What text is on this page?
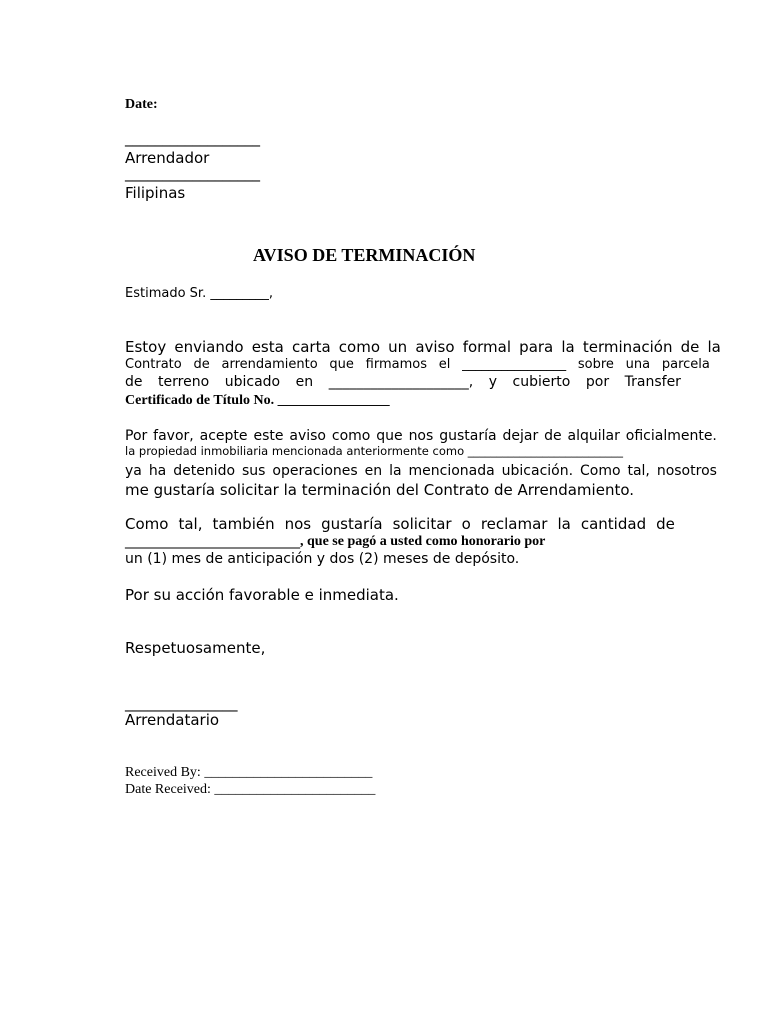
Date:
__________________
Arrendador
__________________
Filipinas
AVISO DE TERMINACIÓN
Estimado Sr. _________,
Estoy enviando esta carta como un aviso formal para la terminación de la
Contrato de arrendamiento que firmamos el ________________ sobre una parcela
de terreno ubicado en ____________________, y cubierto por Transfer
Certificado de Título No. ________________
Por favor, acepte este aviso como que nos gustaría dejar de alquilar oficialmente.
la propiedad inmobiliaria mencionada anteriormente como ___________________________
ya ha detenido sus operaciones en la mencionada ubicación. Como tal, nosotros
me gustaría solicitar la terminación del Contrato de Arrendamiento.
Como tal, también nos gustaría solicitar o reclamar la cantidad de
_________________________, que se pagó a usted como honorario por
un (1) mes de anticipación y dos (2) meses de depósito.
Por su acción favorable e inmediata.
Respetuosamente,
_______________
Arrendatario
Received By: ________________________
Date Received: _______________________
